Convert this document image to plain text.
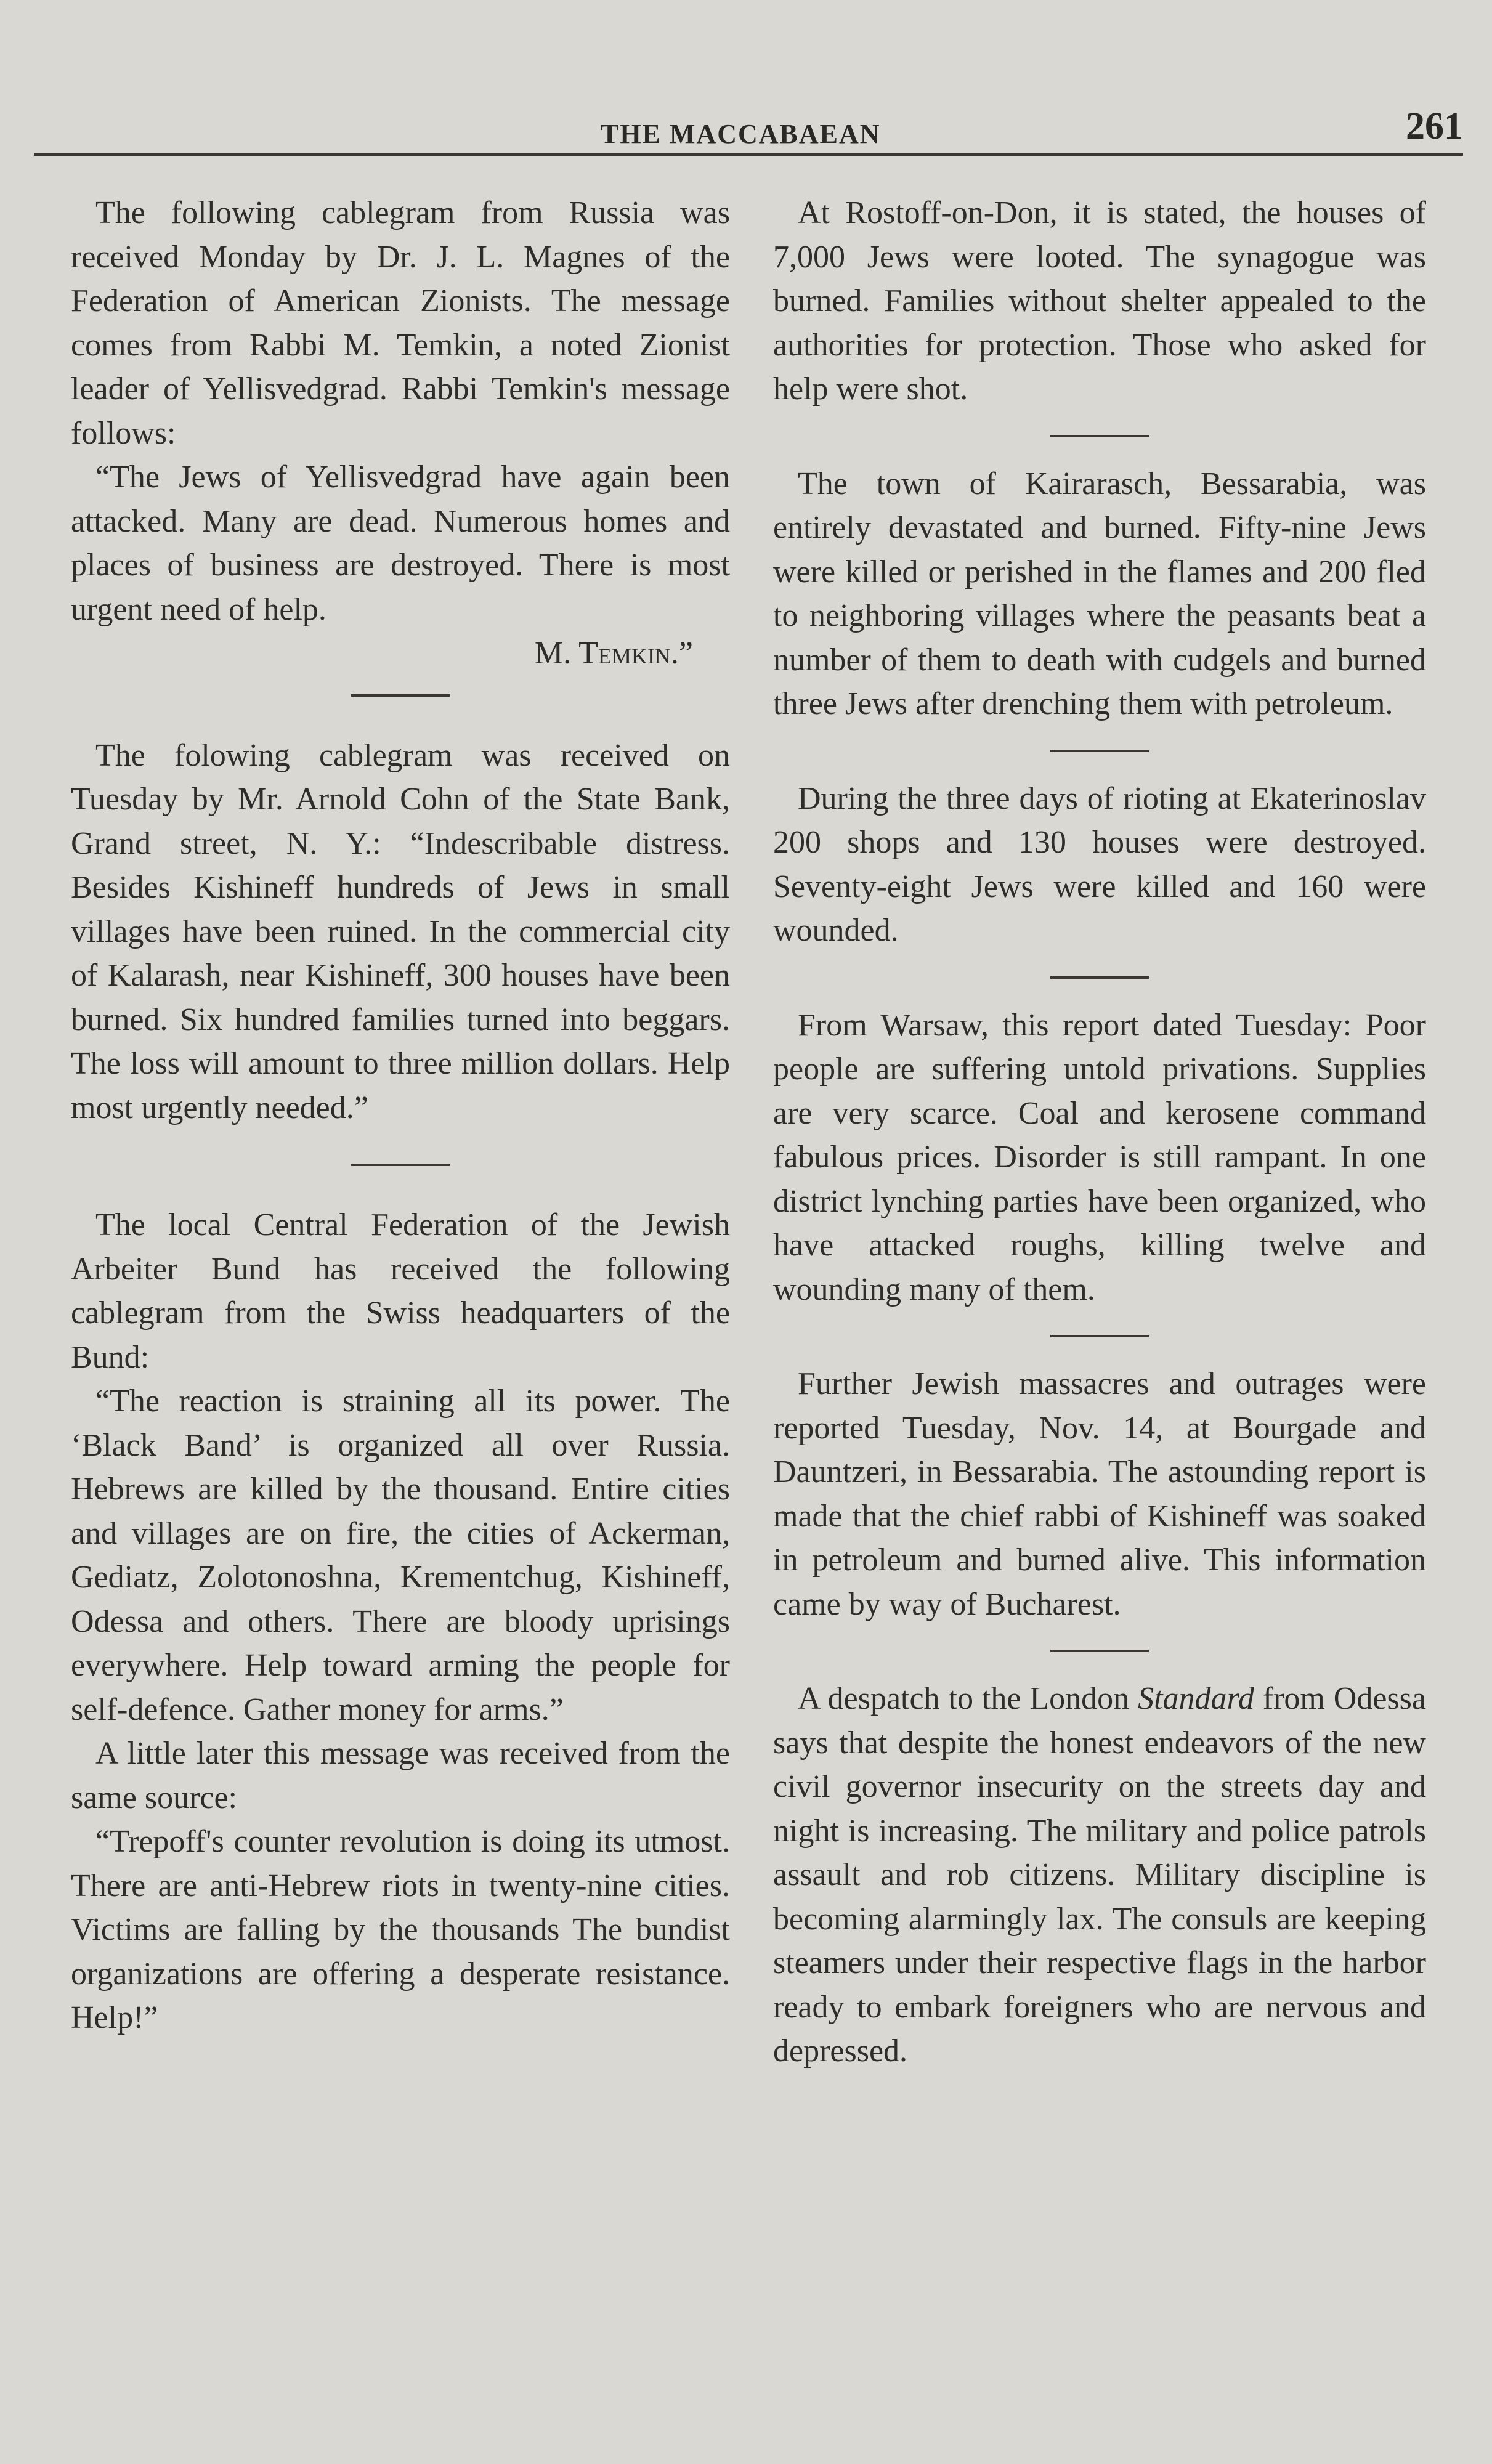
THE MACCABAEAN	261

The following cablegram from Russia was received Monday by Dr. J. L. Magnes of the Federation of American Zionists. The message comes from Rabbi M. Temkin, a noted Zionist leader of Yellisvedgrad. Rabbi Temkin's message follows:

“The Jews of Yellisvedgrad have again been attacked. Many are dead. Numerous homes and places of business are destroyed. There is most urgent need of help.

M. Temkin.”

The folowing cablegram was received on Tuesday by Mr. Arnold Cohn of the State Bank, Grand street, N. Y.: “Indescribable distress. Besides Kishineff hundreds of Jews in small villages have been ruined. In the commercial city of Kalarash, near Kishineff, 300 houses have been burned. Six hundred families turned into beggars. The loss will amount to three million dollars. Help most urgently needed.”

The local Central Federation of the Jewish Arbeiter Bund has received the following cablegram from the Swiss headquarters of the Bund:

“The reaction is straining all its power. The ‘Black Band’ is organized all over Russia. Hebrews are killed by the thousand. Entire cities and villages are on fire, the cities of Ackerman, Gediatz, Zolotonoshna, Krementchug, Kishineff, Odessa and others. There are bloody uprisings everywhere. Help toward arming the people for self-defence. Gather money for arms.”

A little later this message was received from the same source:

“Trepoff's counter revolution is doing its utmost. There are anti-Hebrew riots in twenty-nine cities. Victims are falling by the thousands The bundist organizations are offering a desperate resistance. Help!”

At Rostoff-on-Don, it is stated, the houses of 7,000 Jews were looted. The synagogue was burned. Families without shelter appealed to the authorities for protection. Those who asked for help were shot.

The town of Kairarasch, Bessarabia, was entirely devastated and burned. Fifty-nine Jews were killed or perished in the flames and 200 fled to neighboring villages where the peasants beat a number of them to death with cudgels and burned three Jews after drenching them with petroleum.

During the three days of rioting at Ekaterinoslav 200 shops and 130 houses were destroyed. Seventy-eight Jews were killed and 160 were wounded.

From Warsaw, this report dated Tuesday: Poor people are suffering untold privations. Supplies are very scarce. Coal and kerosene command fabulous prices. Disorder is still rampant. In one district lynching parties have been organized, who have attacked roughs, killing twelve and wounding many of them.

Further Jewish massacres and outrages were reported Tuesday, Nov. 14, at Bourgade and Dauntzeri, in Bessarabia. The astounding report is made that the chief rabbi of Kishineff was soaked in petroleum and burned alive. This information came by way of Bucharest.

A despatch to the London Standard from Odessa says that despite the honest endeavors of the new civil governor insecurity on the streets day and night is increasing. The military and police patrols assault and rob citizens. Military discipline is becoming alarmingly lax. The consuls are keeping steamers under their respective flags in the harbor ready to embark foreigners who are nervous and depressed.
